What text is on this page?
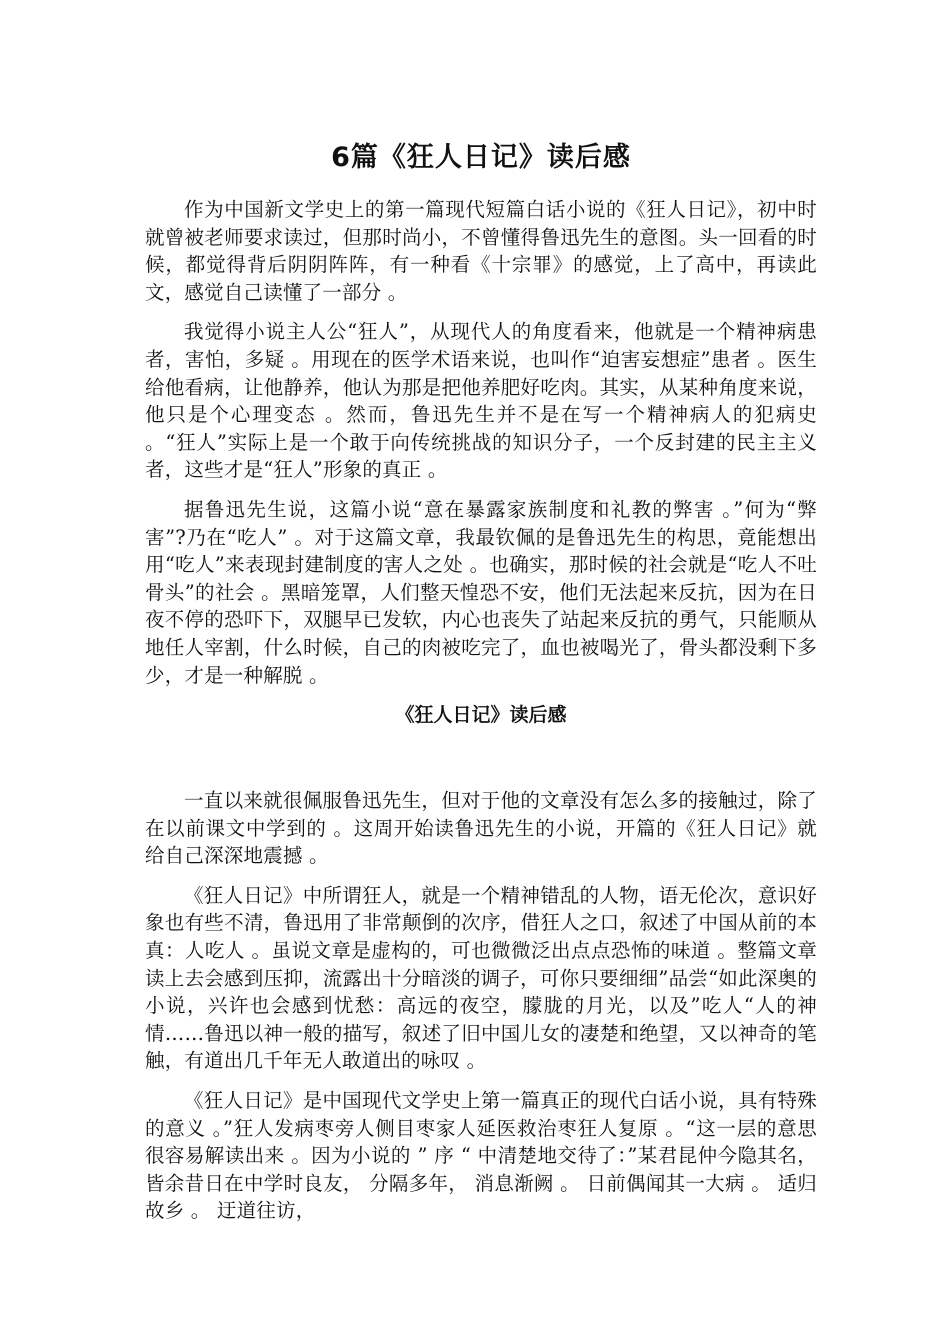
6篇《狂人日记》读后感

作为中国新文学史上的第一篇现代短篇白话小说的《狂人日记》，初中时就曾被老师要求读过，但那时尚小，不曾懂得鲁迅先生的意图。头一回看的时候，都觉得背后阴阴阵阵，有一种看《十宗罪》的感觉，上了高中，再读此文，感觉自己读懂了一部分 。

我觉得小说主人公“狂人”，从现代人的角度看来，他就是一个精神病患者，害怕，多疑 。用现在的医学术语来说，也叫作“迫害妄想症”患者 。医生给他看病，让他静养，他认为那是把他养肥好吃肉。其实，从某种角度来说，他只是个心理变态 。然而，鲁迅先生并不是在写一个精神病人的犯病史 。“狂人”实际上是一个敢于向传统挑战的知识分子，一个反封建的民主主义者，这些才是“狂人”形象的真正 。

据鲁迅先生说，这篇小说“意在暴露家族制度和礼教的弊害 。”何为“弊害”?乃在“吃人” 。对于这篇文章，我最钦佩的是鲁迅先生的构思，竟能想出用“吃人”来表现封建制度的害人之处 。也确实，那时候的社会就是“吃人不吐骨头”的社会 。黑暗笼罩，人们整天惶恐不安，他们无法起来反抗，因为在日夜不停的恐吓下，双腿早已发软，内心也丧失了站起来反抗的勇气，只能顺从地任人宰割，什么时候，自己的肉被吃完了，血也被喝光了，骨头都没剩下多少，才是一种解脱 。

《狂人日记》读后感

一直以来就很佩服鲁迅先生，但对于他的文章没有怎么多的接触过，除了在以前课文中学到的 。这周开始读鲁迅先生的小说，开篇的《狂人日记》就给自己深深地震撼 。

《狂人日记》中所谓狂人，就是一个精神错乱的人物，语无伦次，意识好象也有些不清，鲁迅用了非常颠倒的次序，借狂人之口，叙述了中国从前的本真：人吃人 。虽说文章是虚构的，可也微微泛出点点恐怖的味道 。整篇文章读上去会感到压抑，流露出十分暗淡的调子，可你只要细细”品尝“如此深奥的小说，兴许也会感到忧愁：高远的夜空，朦胧的月光，以及”吃人“人的神情……鲁迅以神一般的描写，叙述了旧中国儿女的凄楚和绝望，又以神奇的笔触，有道出几千年无人敢道出的咏叹 。

《狂人日记》是中国现代文学史上第一篇真正的现代白话小说，具有特殊的意义 。”狂人发病枣旁人侧目枣家人延医救治枣狂人复原 。“这一层的意思很容易解读出来 。因为小说的 ” 序 “ 中清楚地交待了：”某君昆仲今隐其名， 皆余昔日在中学时良友， 分隔多年， 消息渐阙 。 日前偶闻其一大病 。 适归故乡 。 迂道往访，
